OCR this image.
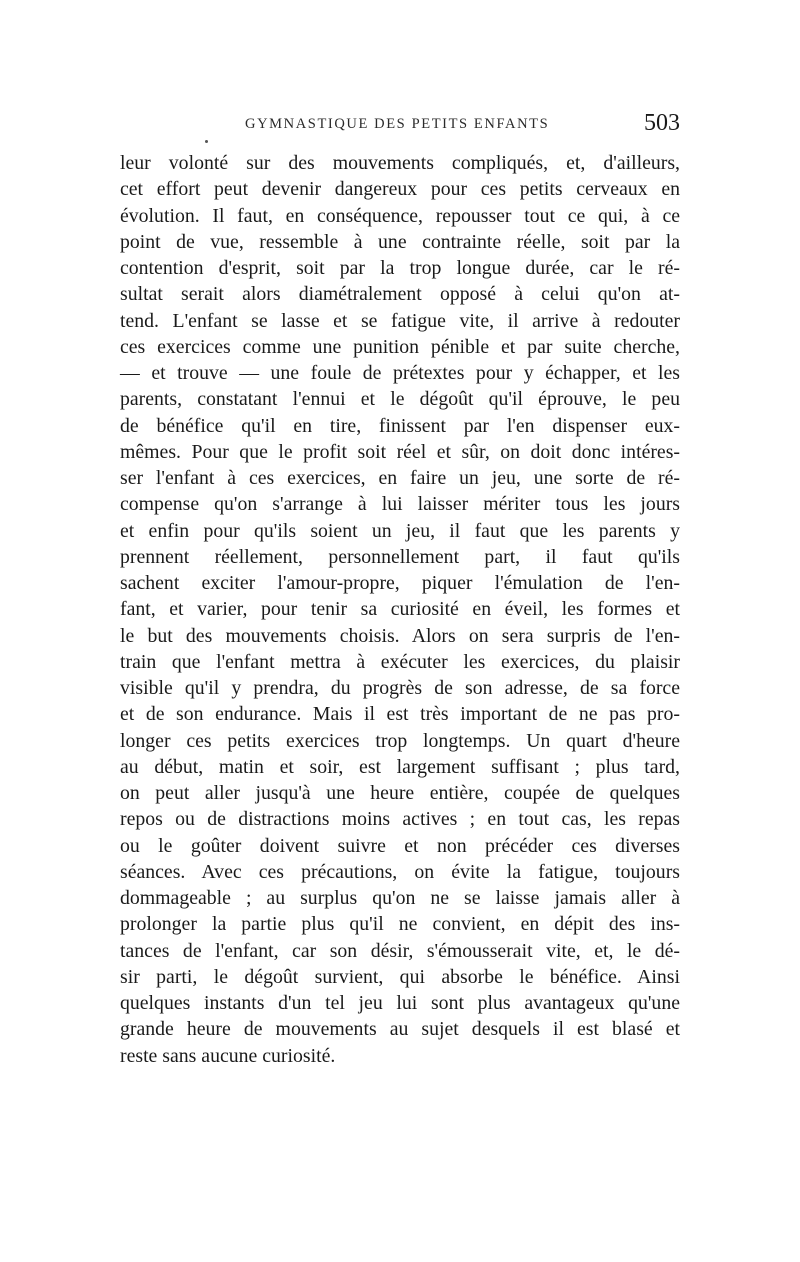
GYMNASTIQUE DES PETITS ENFANTS	503
leur volonté sur des mouvements compliqués, et, d'ailleurs,
cet effort peut devenir dangereux pour ces petits cerveaux en
évolution. Il faut, en conséquence, repousser tout ce qui, à ce
point de vue, ressemble à une contrainte réelle, soit par la
contention d'esprit, soit par la trop longue durée, car le ré-
sultat serait alors diamétralement opposé à celui qu'on at-
tend. L'enfant se lasse et se fatigue vite, il arrive à redouter
ces exercices comme une punition pénible et par suite cherche,
— et trouve — une foule de prétextes pour y échapper, et les
parents, constatant l'ennui et le dégoût qu'il éprouve, le peu
de bénéfice qu'il en tire, finissent par l'en dispenser eux-
mêmes. Pour que le profit soit réel et sûr, on doit donc intéres-
ser l'enfant à ces exercices, en faire un jeu, une sorte de ré-
compense qu'on s'arrange à lui laisser mériter tous les jours
et enfin pour qu'ils soient un jeu, il faut que les parents y
prennent réellement, personnellement part, il faut qu'ils
sachent exciter l'amour-propre, piquer l'émulation de l'en-
fant, et varier, pour tenir sa curiosité en éveil, les formes et
le but des mouvements choisis. Alors on sera surpris de l'en-
train que l'enfant mettra à exécuter les exercices, du plaisir
visible qu'il y prendra, du progrès de son adresse, de sa force
et de son endurance. Mais il est très important de ne pas pro-
longer ces petits exercices trop longtemps. Un quart d'heure
au début, matin et soir, est largement suffisant ; plus tard,
on peut aller jusqu'à une heure entière, coupée de quelques
repos ou de distractions moins actives ; en tout cas, les repas
ou le goûter doivent suivre et non précéder ces diverses
séances. Avec ces précautions, on évite la fatigue, toujours
dommageable ; au surplus qu'on ne se laisse jamais aller à
prolonger la partie plus qu'il ne convient, en dépit des ins-
tances de l'enfant, car son désir, s'émousserait vite, et, le dé-
sir parti, le dégoût survient, qui absorbe le bénéfice. Ainsi
quelques instants d'un tel jeu lui sont plus avantageux qu'une
grande heure de mouvements au sujet desquels il est blasé et
reste sans aucune curiosité.
